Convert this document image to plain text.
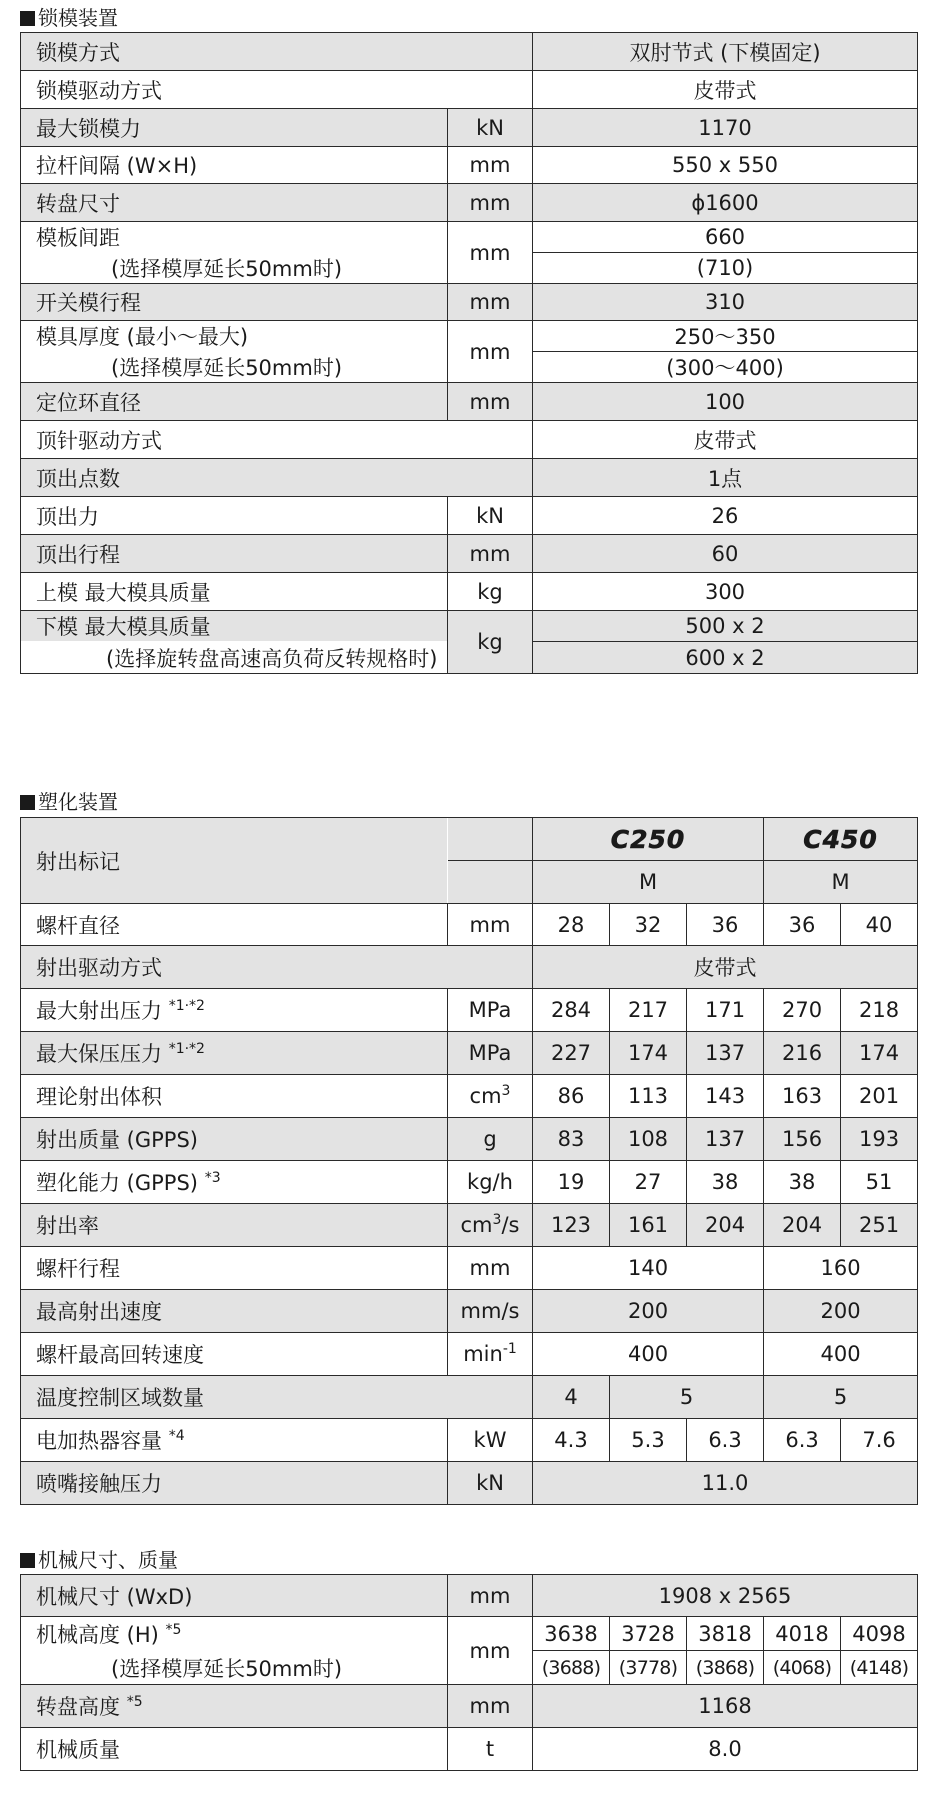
锁模装置
锁模方式		双肘节式 (下模固定)
锁模驱动方式		皮带式
最大锁模力	kN	1170
拉杆间隔 (W×H)	mm	550 x 550
转盘尺寸	mm	ϕ1600
模板间距	mm	660
(选择模厚延长50mm时)		(710)
开关模行程	mm	310
模具厚度 (最小～最大)	mm	250～350
(选择模厚延长50mm时)		(300～400)
定位环直径	mm	100
顶针驱动方式		皮带式
顶出点数		1点
顶出力	kN	26
顶出行程	mm	60
上模 最大模具质量	kg	300
下模 最大模具质量	kg	500 x 2
(选择旋转盘高速高负荷反转规格时)		600 x 2
塑化装置
射出标记		C250			C450	
		M			M	
螺杆直径	mm	28	32	36	36	40
射出驱动方式		皮带式				
最大射出压力 $^{*1\cdot*2}$	MPa	284	217	171	270	218
最大保压压力 $^{*1\cdot*2}$	MPa	227	174	137	216	174
理论射出体积	$cm^3$	86	113	143	163	201
射出质量 (GPPS)	g	83	108	137	156	193
塑化能力 (GPPS) $^{*3}$	kg/h	19	27	38	38	51
射出率	$cm^3/s$	123	161	204	204	251
螺杆行程	mm	140			160	
最高射出速度	mm/s	200			200	
螺杆最高回转速度	$\min^{-1}$	400			400	
温度控制区域数量		4	5		5	
电加热器容量 $^{*4}$	kW	4.3	5.3	6.3	6.3	7.6
喷嘴接触压力	kN	11.0				
机械尺寸、质量
机械尺寸 (WxD)	mm	1908 x 2565				
机械高度 (H) $^{*5}$	mm	3638	3728	3818	4018	4098
(选择模厚延长50mm时)		(3688)	(3778)	(3868)	(4068)	(4148)
转盘高度 $^{*5}$	mm	1168				
机械质量	t	8.0				
